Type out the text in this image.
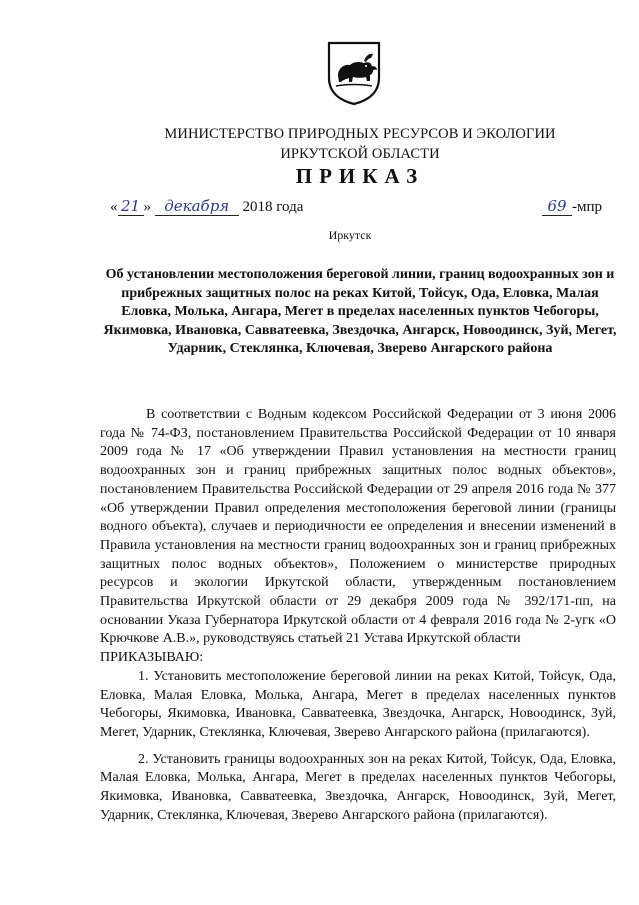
МИНИСТЕРСТВО ПРИРОДНЫХ РЕСУРСОВ И ЭКОЛОГИИ
ИРКУТСКОЙ ОБЛАСТИ
ПРИКАЗ
« 21 » декабря 2018 года	69 -мпр
Иркутск
Об установлении местоположения береговой линии, границ водоохранных зон и прибрежных защитных полос на реках Китой, Тойсук, Ода, Еловка, Малая Еловка, Молька, Ангара, Мегет в пределах населенных пунктов Чебогоры, Якимовка, Ивановка, Савватеевка, Звездочка, Ангарск, Новоодинск, Зуй, Мегет, Ударник, Стеклянка, Ключевая, Зверево Ангарского района

В соответствии с Водным кодексом Российской Федерации от 3 июня 2006 года № 74-ФЗ, постановлением Правительства Российской Федерации от 10 января 2009 года № 17 «Об утверждении Правил установления на местности границ водоохранных зон и границ прибрежных защитных полос водных объектов», постановлением Правительства Российской Федерации от 29 апреля 2016 года № 377 «Об утверждении Правил определения местоположения береговой линии (границы водного объекта), случаев и периодичности ее определения и внесении изменений в Правила установления на местности границ водоохранных зон и границ прибрежных защитных полос водных объектов», Положением о министерстве природных ресурсов и экологии Иркутской области, утвержденным постановлением Правительства Иркутской области от 29 декабря 2009 года № 392/171-пп, на основании Указа Губернатора Иркутской области от 4 февраля 2016 года № 2-угк «О Крючкове А.В.», руководствуясь статьей 21 Устава Иркутской области

ПРИКАЗЫВАЮ:

1. Установить местоположение береговой линии на реках Китой, Тойсук, Ода, Еловка, Малая Еловка, Молька, Ангара, Мегет в пределах населенных пунктов Чебогоры, Якимовка, Ивановка, Савватеевка, Звездочка, Ангарск, Новоодинск, Зуй, Мегет, Ударник, Стеклянка, Ключевая, Зверево Ангарского района (прилагаются).

2. Установить границы водоохранных зон на реках Китой, Тойсук, Ода, Еловка, Малая Еловка, Молька, Ангара, Мегет в пределах населенных пунктов Чебогоры, Якимовка, Ивановка, Савватеевка, Звездочка, Ангарск, Новоодинск, Зуй, Мегет, Ударник, Стеклянка, Ключевая, Зверево Ангарского района (прилагаются).
